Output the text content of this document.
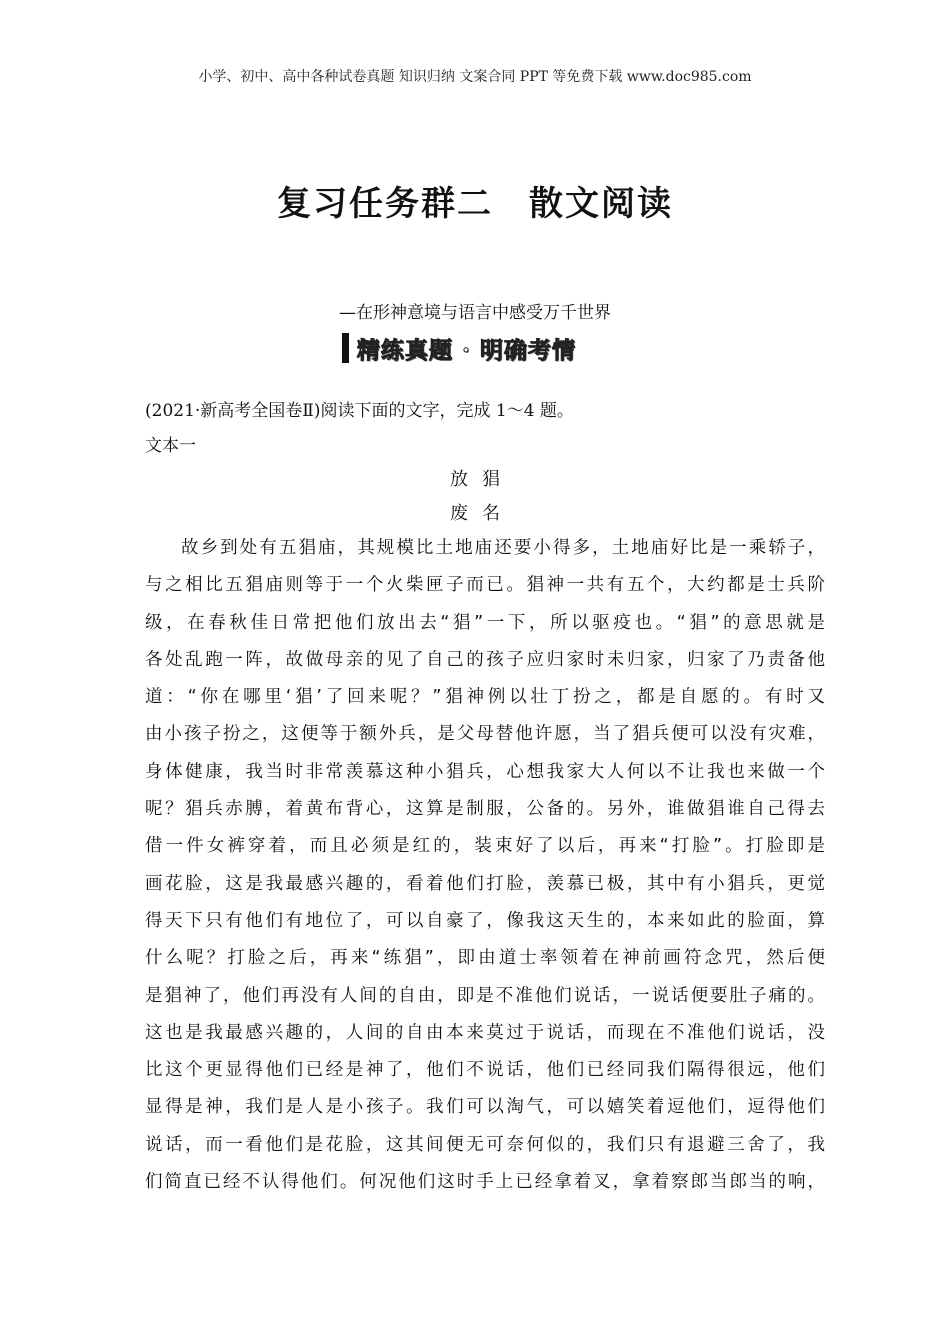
小学、初中、高中各种试卷真题 知识归纳 文案合同 PPT 等免费下载 www.doc985.com
复习任务群二　散文阅读
—在形神意境与语言中感受万千世界
精练真题 · 明确考情
(2021·新高考全国卷Ⅱ)阅读下面的文字，完成 1～4 题。
文本一
放猖
废名
故乡到处有五猖庙，其规模比土地庙还要小得多，土地庙好比是一乘轿子，
与之相比五猖庙则等于一个火柴匣子而已。猖神一共有五个，大约都是士兵阶
级，在春秋佳日常把他们放出去“猖”一下，所以驱疫也。“猖”的意思就是
各处乱跑一阵，故做母亲的见了自己的孩子应归家时未归家，归家了乃责备他
道：“你在哪里‘猖’了回来呢？”猖神例以壮丁扮之，都是自愿的。有时又
由小孩子扮之，这便等于额外兵，是父母替他许愿，当了猖兵便可以没有灾难，
身体健康，我当时非常羡慕这种小猖兵，心想我家大人何以不让我也来做一个
呢？猖兵赤膊，着黄布背心，这算是制服，公备的。另外，谁做猖谁自己得去
借一件女裤穿着，而且必须是红的，装束好了以后，再来“打脸”。打脸即是
画花脸，这是我最感兴趣的，看着他们打脸，羡慕已极，其中有小猖兵，更觉
得天下只有他们有地位了，可以自豪了，像我这天生的，本来如此的脸面，算
什么呢？打脸之后，再来“练猖”，即由道士率领着在神前画符念咒，然后便
是猖神了，他们再没有人间的自由，即是不准他们说话，一说话便要肚子痛的。
这也是我最感兴趣的，人间的自由本来莫过于说话，而现在不准他们说话，没
比这个更显得他们已经是神了，他们不说话，他们已经同我们隔得很远，他们
显得是神，我们是人是小孩子。我们可以淘气，可以嬉笑着逗他们，逗得他们
说话，而一看他们是花脸，这其间便无可奈何似的，我们只有退避三舍了，我
们简直已经不认得他们。何况他们这时手上已经拿着叉，拿着察郎当郎当的响，
